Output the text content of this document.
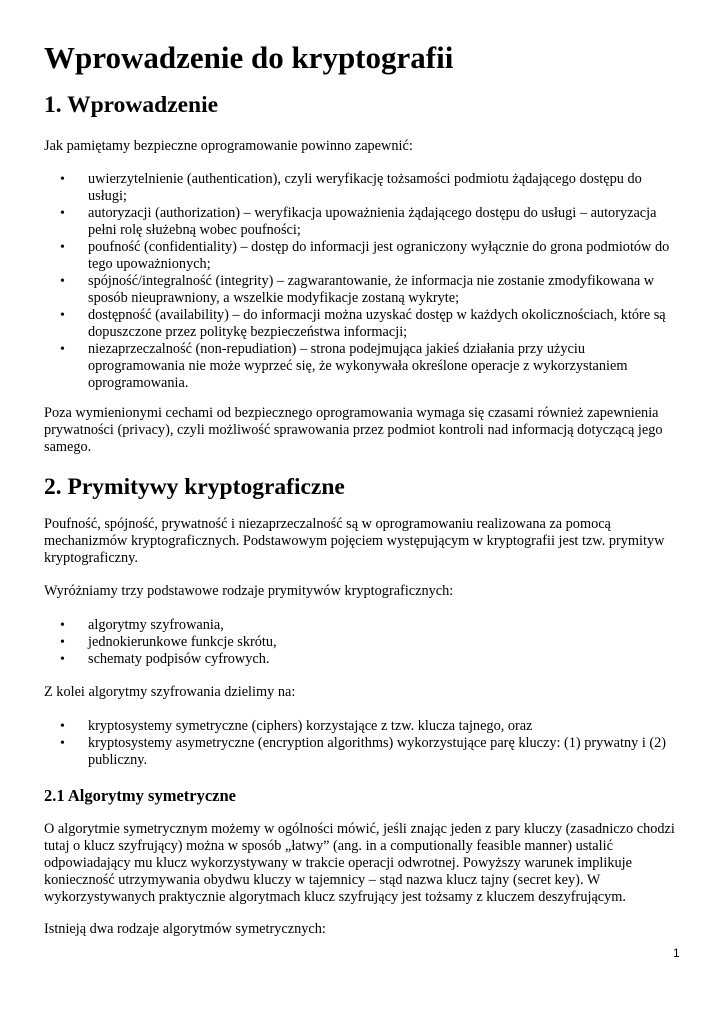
Wprowadzenie do kryptografii
1. Wprowadzenie

Jak pamiętamy bezpieczne oprogramowanie powinno zapewnić:

• uwierzytelnienie (authentication), czyli weryfikację tożsamości podmiotu żądającego dostępu do usługi;
• autoryzacji (authorization) – weryfikacja upoważnienia żądającego dostępu do usługi – autoryzacja pełni rolę służebną wobec poufności;
• poufność (confidentiality) – dostęp do informacji jest ograniczony wyłącznie do grona podmiotów do tego upoważnionych;
• spójność/integralność (integrity) – zagwarantowanie, że informacja nie zostanie zmodyfikowana w sposób nieuprawniony, a wszelkie modyfikacje zostaną wykryte;
• dostępność (availability) – do informacji można uzyskać dostęp w każdych okolicznościach, które są dopuszczone przez politykę bezpieczeństwa informacji;
• niezaprzeczalność (non-repudiation) – strona podejmująca jakieś działania przy użyciu oprogramowania nie może wyprzeć się, że wykonywała określone operacje z wykorzystaniem oprogramowania.

Poza wymienionymi cechami od bezpiecznego oprogramowania wymaga się czasami również zapewnienia prywatności (privacy), czyli możliwość sprawowania przez podmiot kontroli nad informacją dotyczącą jego samego.

2. Prymitywy kryptograficzne

Poufność, spójność, prywatność i niezaprzeczalność są w oprogramowaniu realizowana za pomocą mechanizmów kryptograficznych. Podstawowym pojęciem występującym w kryptografii jest tzw. prymityw kryptograficzny.

Wyróżniamy trzy podstawowe rodzaje prymitywów kryptograficznych:

• algorytmy szyfrowania,
• jednokierunkowe funkcje skrótu,
• schematy podpisów cyfrowych.

Z kolei algorytmy szyfrowania dzielimy na:

• kryptosystemy symetryczne (ciphers) korzystające z tzw. klucza tajnego, oraz
• kryptosystemy asymetryczne (encryption algorithms) wykorzystujące parę kluczy: (1) prywatny i (2) publiczny.
2.1 Algorytmy symetryczne

O algorytmie symetrycznym możemy w ogólności mówić, jeśli znając jeden z pary kluczy (zasadniczo chodzi tutaj o klucz szyfrujący) można w sposób „łatwy” (ang. in a computionally feasible manner) ustalić odpowiadający mu klucz wykorzystywany w trakcie operacji odwrotnej. Powyższy warunek implikuje konieczność utrzymywania obydwu kluczy w tajemnicy – stąd nazwa klucz tajny (secret key). W wykorzystywanych praktycznie algorytmach klucz szyfrujący jest tożsamy z kluczem deszyfrującym.

Istnieją dwa rodzaje algorytmów symetrycznych:

1
